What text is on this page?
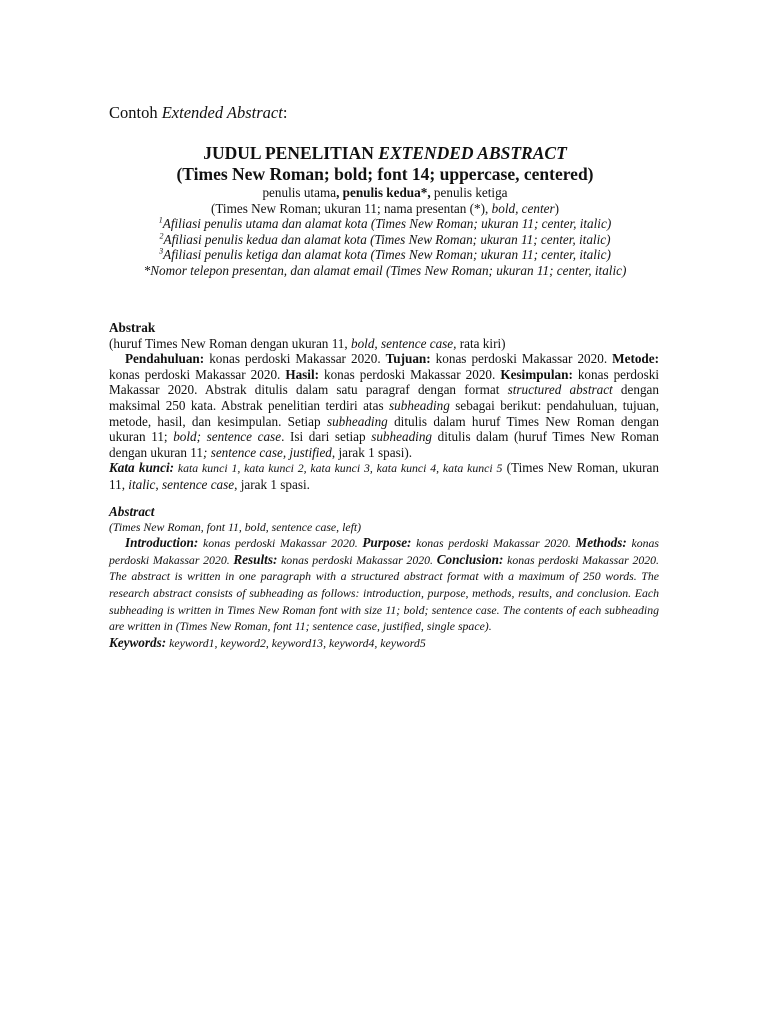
Contoh Extended Abstract:

JUDUL PENELITIAN EXTENDED ABSTRACT

(Times New Roman; bold; font 14; uppercase, centered)

penulis utama, penulis kedua*, penulis ketiga

(Times New Roman; ukuran 11; nama presentan (*), bold, center)

$^1$Afiliasi penulis utama dan alamat kota (Times New Roman; ukuran 11; center, italic)

$^2$Afiliasi penulis kedua dan alamat kota (Times New Roman; ukuran 11; center, italic)

$^3$Afiliasi penulis ketiga dan alamat kota (Times New Roman; ukuran 11; center, italic)

*Nomor telepon presentan, dan alamat email (Times New Roman; ukuran 11; center, italic)

Abstrak

(huruf Times New Roman dengan ukuran 11, bold, sentence case, rata kiri)

Pendahuluan: konas perdoski Makassar 2020. Tujuan: konas perdoski Makassar 2020. Metode: konas perdoski Makassar 2020. Hasil: konas perdoski Makassar 2020. Kesimpulan: konas perdoski Makassar 2020. Abstrak ditulis dalam satu paragraf dengan format structured abstract dengan maksimal 250 kata. Abstrak penelitian terdiri atas subheading sebagai berikut: pendahuluan, tujuan, metode, hasil, dan kesimpulan. Setiap subheading ditulis dalam huruf Times New Roman dengan ukuran 11; bold; sentence case. Isi dari setiap subheading ditulis dalam (huruf Times New Roman dengan ukuran 11; sentence case, justified, jarak 1 spasi).

Kata kunci: kata kunci 1, kata kunci 2, kata kunci 3, kata kunci 4, kata kunci 5 (Times New Roman, ukuran 11, italic, sentence case, jarak 1 spasi.

Abstract

(Times New Roman, font 11, bold, sentence case, left)

Introduction: konas perdoski Makassar 2020. Purpose: konas perdoski Makassar 2020. Methods: konas perdoski Makassar 2020. Results: konas perdoski Makassar 2020. Conclusion: konas perdoski Makassar 2020. The abstract is written in one paragraph with a structured abstract format with a maximum of 250 words. The research abstract consists of subheading as follows: introduction, purpose, methods, results, and conclusion. Each subheading is written in Times New Roman font with size 11; bold; sentence case. The contents of each subheading are written in (Times New Roman, font 11; sentence case, justified, single space).

Keywords: keyword1, keyword2, keyword13, keyword4, keyword5
